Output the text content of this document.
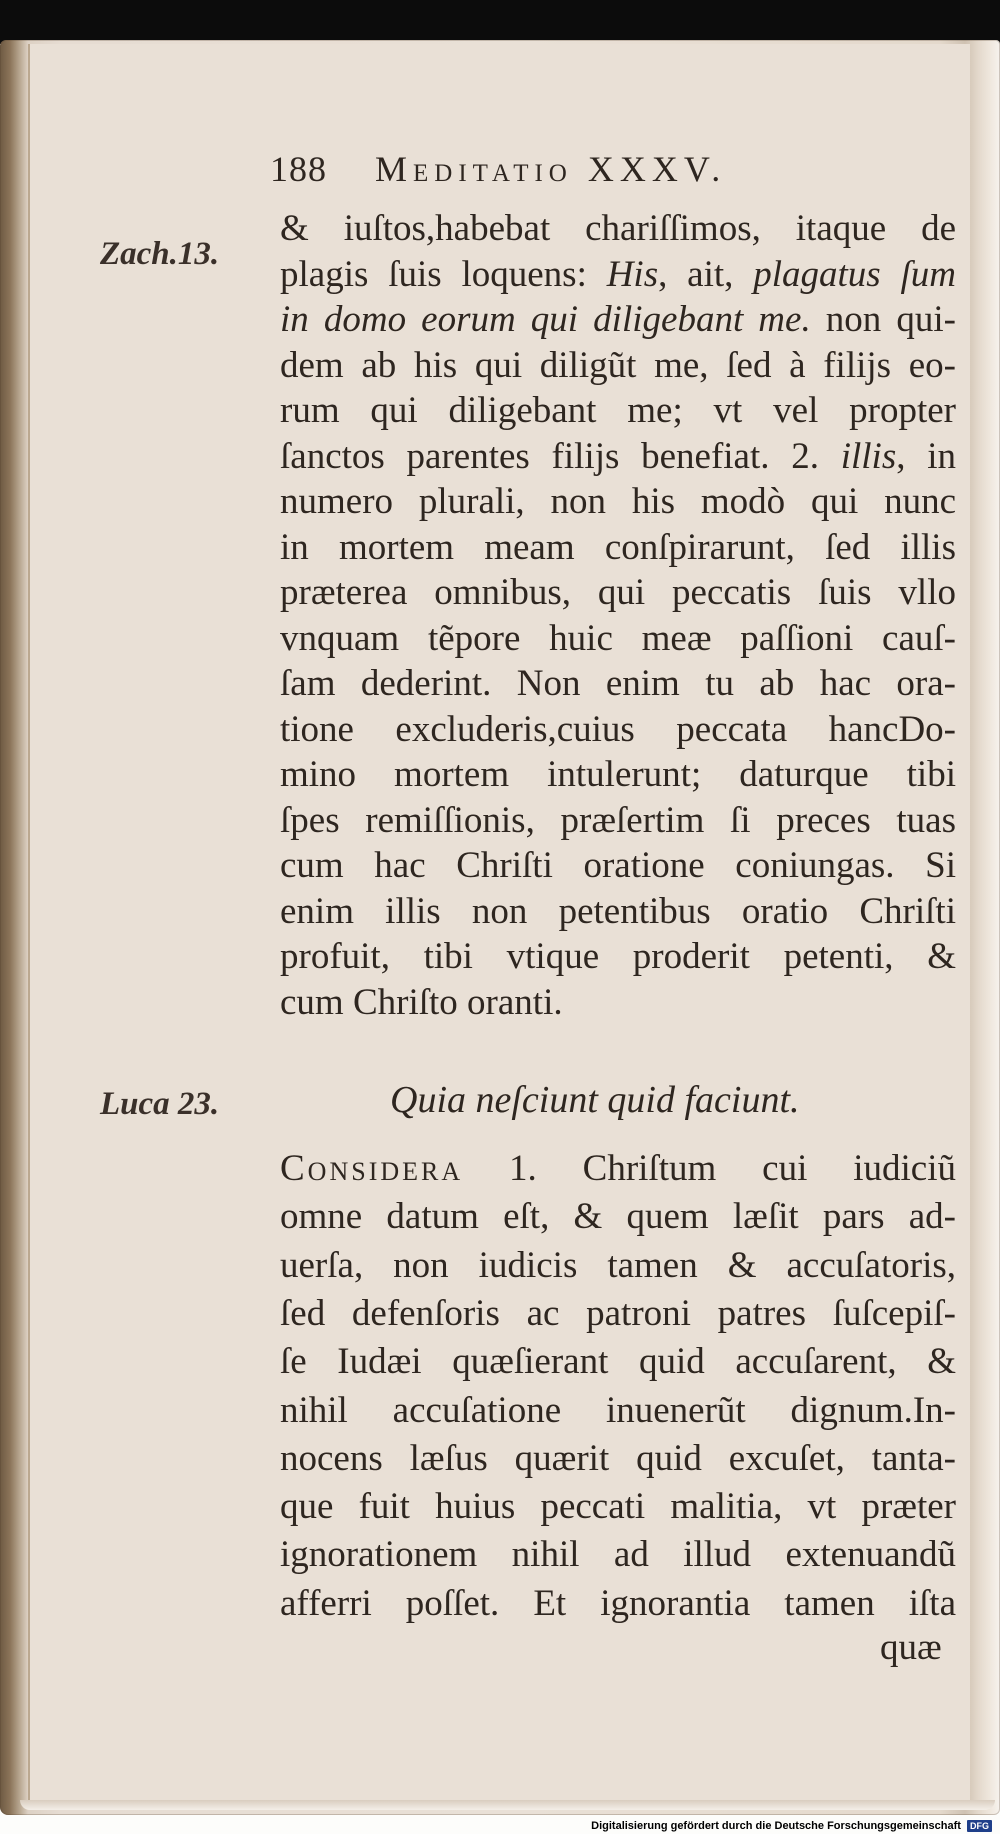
188 Meditatio XXXV.
Zach.13.
Luca 23.
& iuſtos,habebat chariſſimos, itaque de
plagis ſuis loquens: His, ait, plagatus ſum
in domo eorum qui diligebant me. non qui-
dem ab his qui diligũt me, ſed à filijs eo-
rum qui diligebant me; vt vel propter
ſanctos parentes filijs benefiat. 2. illis, in
numero plurali, non his modò qui nunc
in mortem meam conſpirarunt, ſed illis
præterea omnibus, qui peccatis ſuis vllo
vnquam tẽpore huic meæ paſſioni cauſ-
ſam dederint. Non enim tu ab hac ora-
tione excluderis,cuius peccata hancDo-
mino mortem intulerunt; daturque tibi
ſpes remiſſionis, præſertim ſi preces tuas
cum hac Chriſti oratione coniungas. Si
enim illis non petentibus oratio Chriſti
profuit, tibi vtique proderit petenti, &
cum Chriſto oranti.
Quia neſciunt quid faciunt.
Considera 1. Chriſtum cui iudiciũ
omne datum eſt, & quem læſit pars ad-
uerſa, non iudicis tamen & accuſatoris,
ſed defenſoris ac patroni patres ſuſcepiſ-
ſe Iudæi quæſierant quid accuſarent, &
nihil accuſatione inuenerũt dignum.In-
nocens læſus quærit quid excuſet, tanta-
que fuit huius peccati malitia, vt præter
ignorationem nihil ad illud extenuandũ
afferri poſſet. Et ignorantia tamen iſta
quæ
Digitalisierung gefördert durch die Deutsche Forschungsgemeinschaft DFG
